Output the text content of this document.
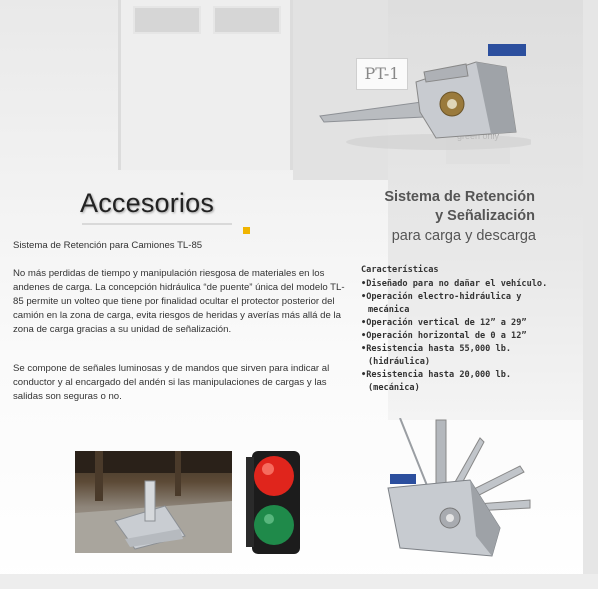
PT-1
Accesorios	Sistema de Retención
y Señalización
para carga y descarga
Sistema de Retención para Camiones TL-85
No más perdidas de tiempo y manipulación riesgosa de materiales en los andenes de carga. La concepción hidráulica “de puente” única del modelo TL-85 permite un volteo que tiene por finalidad ocultar el protector posterior del camión en la zona de carga, evita riesgos de heridas y averías más allá de la zona de carga gracias a su unidad de señalización.
Se compone de señales luminosas y de mandos que sirven para indicar al conductor y al encargado del andén si las manipulaciones de cargas y las salidas son seguras o no.
Características
• Diseñado para no dañar el vehículo.
• Operación electro-hidráulica y mecánica
• Operación vertical de 12” a 29”
• Operación horizontal de 0 a 12”
• Resistencia hasta 55,000 lb. (hidráulica)
• Resistencia hasta 20,000 lb. (mecánica)
